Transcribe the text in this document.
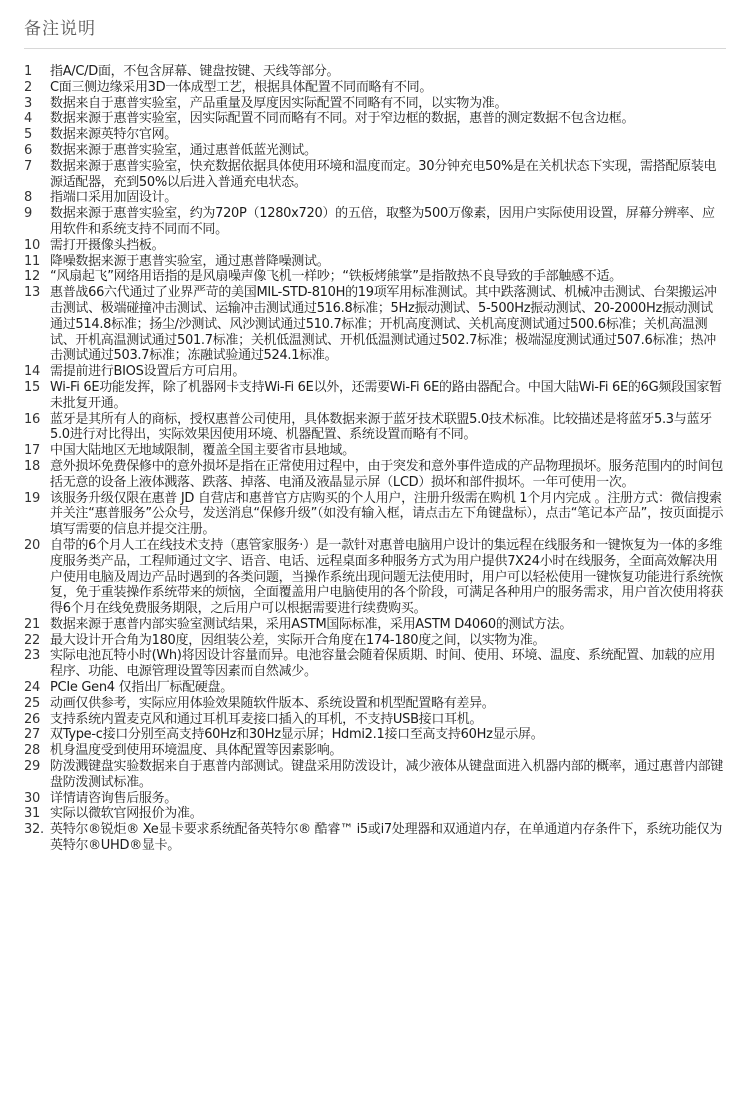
备注说明
1	指A/C/D面，不包含屏幕、键盘按键、天线等部分。
2	C面三侧边缘采用3D一体成型工艺，根据具体配置不同而略有不同。
3	数据来自于惠普实验室，产品重量及厚度因实际配置不同略有不同，以实物为准。
4	数据来源于惠普实验室，因实际配置不同而略有不同。对于窄边框的数据，惠普的测定数据不包含边框。
5	数据来源英特尔官网。
6	数据来源于惠普实验室，通过惠普低蓝光测试。
7	数据来源于惠普实验室，快充数据依据具体使用环境和温度而定。30分钟充电50%是在关机状态下实现，需搭配原装电源适配器，充到50%以后进入普通充电状态。
8	指端口采用加固设计。
9	数据来源于惠普实验室，约为720P（1280x720）的五倍，取整为500万像素，因用户实际使用设置，屏幕分辨率、应用软件和系统支持不同而不同。
10 需打开摄像头挡板。
11 降噪数据来源于惠普实验室，通过惠普降噪测试。
12 “风扇起飞”网络用语指的是风扇噪声像飞机一样吵；“铁板烤熊掌”是指散热不良导致的手部触感不适。
13 惠普战66六代通过了业界严苛的美国MIL-STD-810H的19项军用标准测试。其中跌落测试、机械冲击测试、台架搬运冲击测试、极端碰撞冲击测试、运输冲击测试通过516.8标准；5Hz振动测试、5-500Hz振动测试、20-2000Hz振动测试通过514.8标准；扬尘/沙测试、风沙测试通过510.7标准；开机高度测试、关机高度测试通过500.6标准；关机高温测试、开机高温测试通过501.7标准；关机低温测试、开机低温测试通过502.7标准；极端湿度测试通过507.6标准；热冲击测试通过503.7标准；冻融试验通过524.1标准。
14 需提前进行BIOS设置后方可启用。
15 Wi-Fi 6E功能发挥，除了机器网卡支持Wi-Fi 6E以外，还需要Wi-Fi 6E的路由器配合。中国大陆Wi-Fi 6E的6G频段国家暂未批复开通。
16 蓝牙是其所有人的商标，授权惠普公司使用，具体数据来源于蓝牙技术联盟5.0技术标准。比较描述是将蓝牙5.3与蓝牙5.0进行对比得出，实际效果因使用环境、机器配置、系统设置而略有不同。
17 中国大陆地区无地域限制，覆盖全国主要省市县地域。
18 意外损坏免费保修中的意外损坏是指在正常使用过程中，由于突发和意外事件造成的产品物理损坏。服务范围内的时间包括无意的设备上液体溅落、跌落、掉落、电涌及液晶显示屏（LCD）损坏和部件损坏。一年可使用一次。
19 该服务升级仅限在惠普 JD 自营店和惠普官方店购买的个人用户，注册升级需在购机 1个月内完成 。注册方式：微信搜索并关注“惠普服务”公众号，发送消息“保修升级”（如没有输入框，请点击左下角键盘标），点击“笔记本产品”，按页面提示填写需要的信息并提交注册。
20 自带的6个月人工在线技术支持（惠管家服务·）是一款针对惠普电脑用户设计的集远程在线服务和一键恢复为一体的多维度服务类产品，工程师通过文字、语音、电话、远程桌面多种服务方式为用户提供7X24小时在线服务，全面高效解决用户使用电脑及周边产品时遇到的各类问题，当操作系统出现问题无法使用时，用户可以轻松使用一键恢复功能进行系统恢复，免于重装操作系统带来的烦恼，全面覆盖用户电脑使用的各个阶段，可满足各种用户的服务需求，用户首次使用将获得6个月在线免费服务期限，之后用户可以根据需要进行续费购买。
21 数据来源于惠普内部实验室测试结果，采用ASTM国际标准，采用ASTM D4060的测试方法。
22 最大设计开合角为180度，因组装公差，实际开合角度在174-180度之间，以实物为准。
23 实际电池瓦特小时(Wh)将因设计容量而异。电池容量会随着保质期、时间、使用、环境、温度、系统配置、加载的应用程序、功能、电源管理设置等因素而自然减少。
24 PCIe Gen4 仅指出厂标配硬盘。
25 动画仅供参考，实际应用体验效果随软件版本、系统设置和机型配置略有差异。
26 支持系统内置麦克风和通过耳机耳麦接口插入的耳机，不支持USB接口耳机。
27 双Type-c接口分别至高支持60Hz和30Hz显示屏；Hdmi2.1接口至高支持60Hz显示屏。
28 机身温度受到使用环境温度、具体配置等因素影响。
29 防泼溅键盘实验数据来自于惠普内部测试。键盘采用防泼设计，减少液体从键盘面进入机器内部的概率，通过惠普内部键盘防泼测试标准。
30 详情请咨询售后服务。
31 实际以微软官网报价为准。
32. 英特尔®锐炬® Xe显卡要求系统配备英特尔® 酷睿™ i5或i7处理器和双通道内存，在单通道内存条件下，系统功能仅为英特尔®UHD®显卡。
